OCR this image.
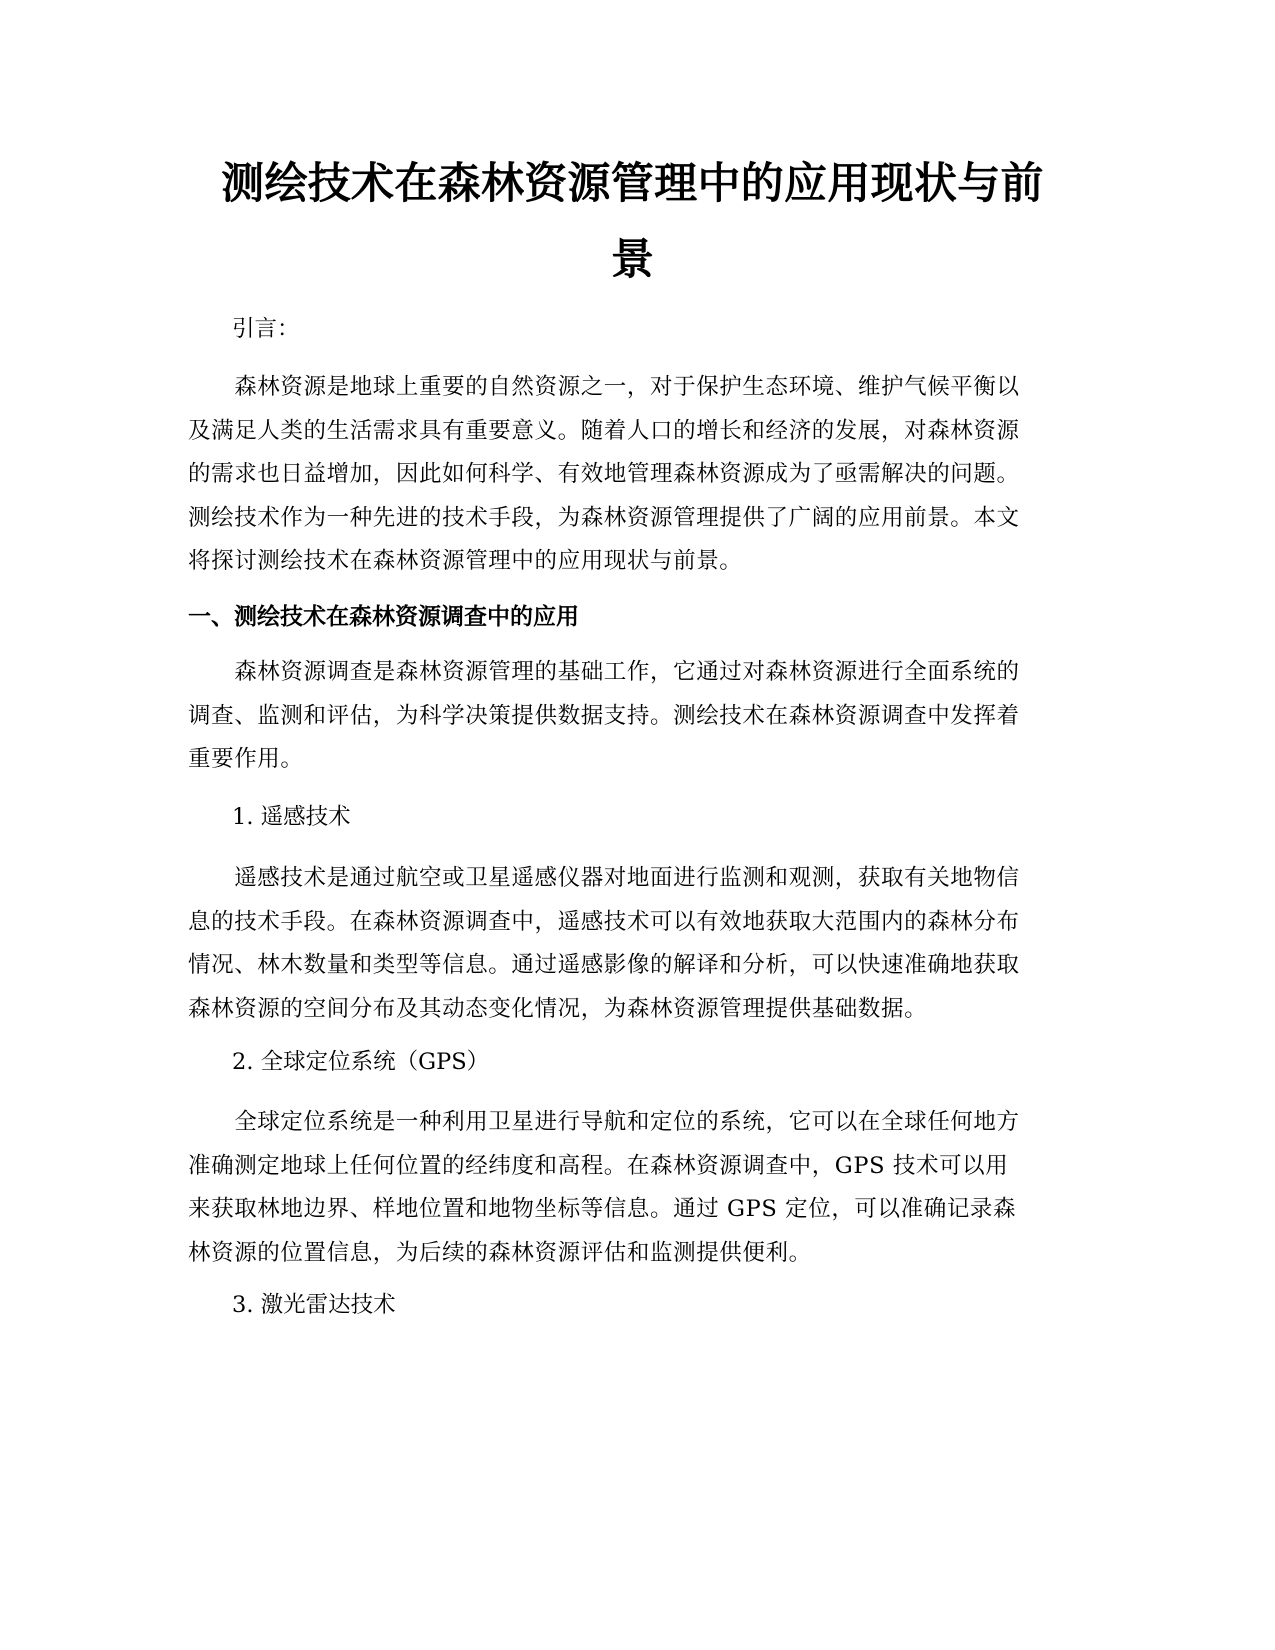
测绘技术在森林资源管理中的应用现状与前
景

引言：

　　森林资源是地球上重要的自然资源之一，对于保护生态环境、维护气候平衡以
及满足人类的生活需求具有重要意义。随着人口的增长和经济的发展，对森林资源
的需求也日益增加，因此如何科学、有效地管理森林资源成为了亟需解决的问题。
测绘技术作为一种先进的技术手段，为森林资源管理提供了广阔的应用前景。本文
将探讨测绘技术在森林资源管理中的应用现状与前景。

一、测绘技术在森林资源调查中的应用

　　森林资源调查是森林资源管理的基础工作，它通过对森林资源进行全面系统的
调查、监测和评估，为科学决策提供数据支持。测绘技术在森林资源调查中发挥着
重要作用。

1. 遥感技术

　　遥感技术是通过航空或卫星遥感仪器对地面进行监测和观测，获取有关地物信
息的技术手段。在森林资源调查中，遥感技术可以有效地获取大范围内的森林分布
情况、林木数量和类型等信息。通过遥感影像的解译和分析，可以快速准确地获取
森林资源的空间分布及其动态变化情况，为森林资源管理提供基础数据。

2. 全球定位系统（GPS）

　　全球定位系统是一种利用卫星进行导航和定位的系统，它可以在全球任何地方
准确测定地球上任何位置的经纬度和高程。在森林资源调查中，GPS 技术可以用
来获取林地边界、样地位置和地物坐标等信息。通过 GPS 定位，可以准确记录森
林资源的位置信息，为后续的森林资源评估和监测提供便利。

3. 激光雷达技术
